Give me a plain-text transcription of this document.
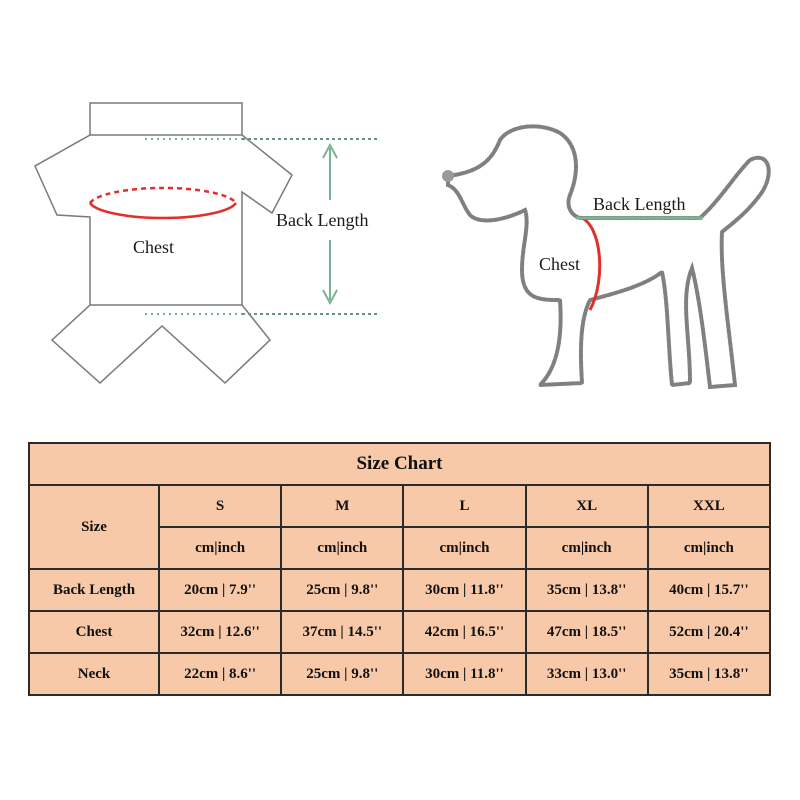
Chest
Back Length
Back Length
Chest
Size Chart					
Size	S	M	L	XL	XXL
	cm|inch	cm|inch	cm|inch	cm|inch	cm|inch
Back Length	20cm | 7.9''	25cm | 9.8''	30cm | 11.8''	35cm | 13.8''	40cm | 15.7''
Chest	32cm | 12.6''	37cm | 14.5''	42cm | 16.5''	47cm | 18.5''	52cm | 20.4''
Neck	22cm | 8.6''	25cm | 9.8''	30cm | 11.8''	33cm | 13.0''	35cm | 13.8''
